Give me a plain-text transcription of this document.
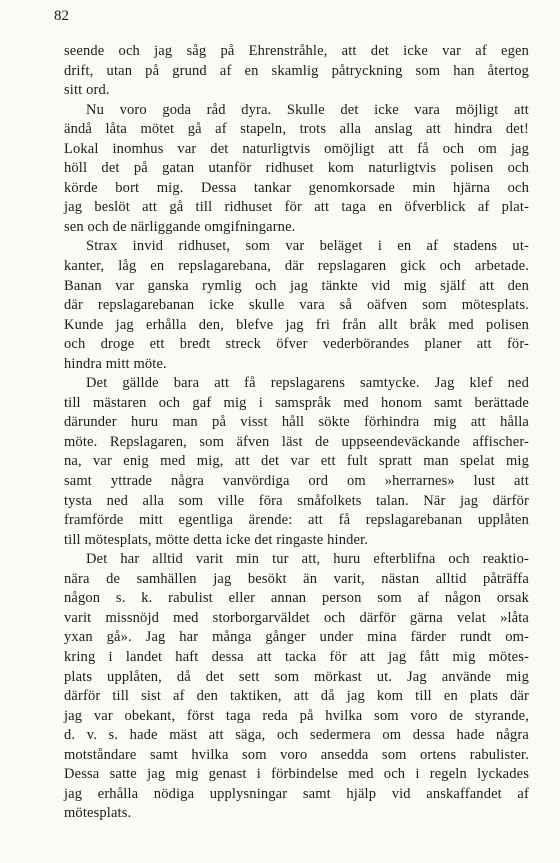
82
seende och jag såg på Ehrenstråhle, att det icke var af egen
drift, utan på grund af en skamlig påtryckning som han återtog
sitt ord.
Nu voro goda råd dyra. Skulle det icke vara möjligt att
ändå låta mötet gå af stapeln, trots alla anslag att hindra det!
Lokal inomhus var det naturligtvis omöjligt att få och om jag
höll det på gatan utanför ridhuset kom naturligtvis polisen och
körde bort mig. Dessa tankar genomkorsade min hjärna och
jag beslöt att gå till ridhuset för att taga en öfverblick af plat-
sen och de närliggande omgifningarne.
Strax invid ridhuset, som var beläget i en af stadens ut-
kanter, låg en repslagarebana, där repslagaren gick och arbetade.
Banan var ganska rymlig och jag tänkte vid mig själf att den
där repslagarebanan icke skulle vara så oäfven som mötesplats.
Kunde jag erhålla den, blefve jag fri från allt bråk med polisen
och droge ett bredt streck öfver vederbörandes planer att för-
hindra mitt möte.
Det gällde bara att få repslagarens samtycke. Jag klef ned
till mästaren och gaf mig i samspråk med honom samt berättade
därunder huru man på visst håll sökte förhindra mig att hålla
möte. Repslagaren, som äfven läst de uppseendeväckande affischer-
na, var enig med mig, att det var ett fult spratt man spelat mig
samt yttrade några vanvördiga ord om »herrarnes» lust att
tysta ned alla som ville föra småfolkets talan. När jag därför
framförde mitt egentliga ärende: att få repslagarebanan upplåten
till mötesplats, mötte detta icke det ringaste hinder.
Det har alltid varit min tur att, huru efterblifna och reaktio-
nära de samhällen jag besökt än varit, nästan alltid påträffa
någon s. k. rabulist eller annan person som af någon orsak
varit missnöjd med storborgarväldet och därför gärna velat »låta
yxan gå». Jag har många gånger under mina färder rundt om-
kring i landet haft dessa att tacka för att jag fått mig mötes-
plats upplåten, då det sett som mörkast ut. Jag använde mig
därför till sist af den taktiken, att då jag kom till en plats där
jag var obekant, först taga reda på hvilka som voro de styrande,
d. v. s. hade mäst att säga, och sedermera om dessa hade några
motståndare samt hvilka som voro ansedda som ortens rabulister.
Dessa satte jag mig genast i förbindelse med och i regeln lyckades
jag erhålla nödiga upplysningar samt hjälp vid anskaffandet af
mötesplats.
